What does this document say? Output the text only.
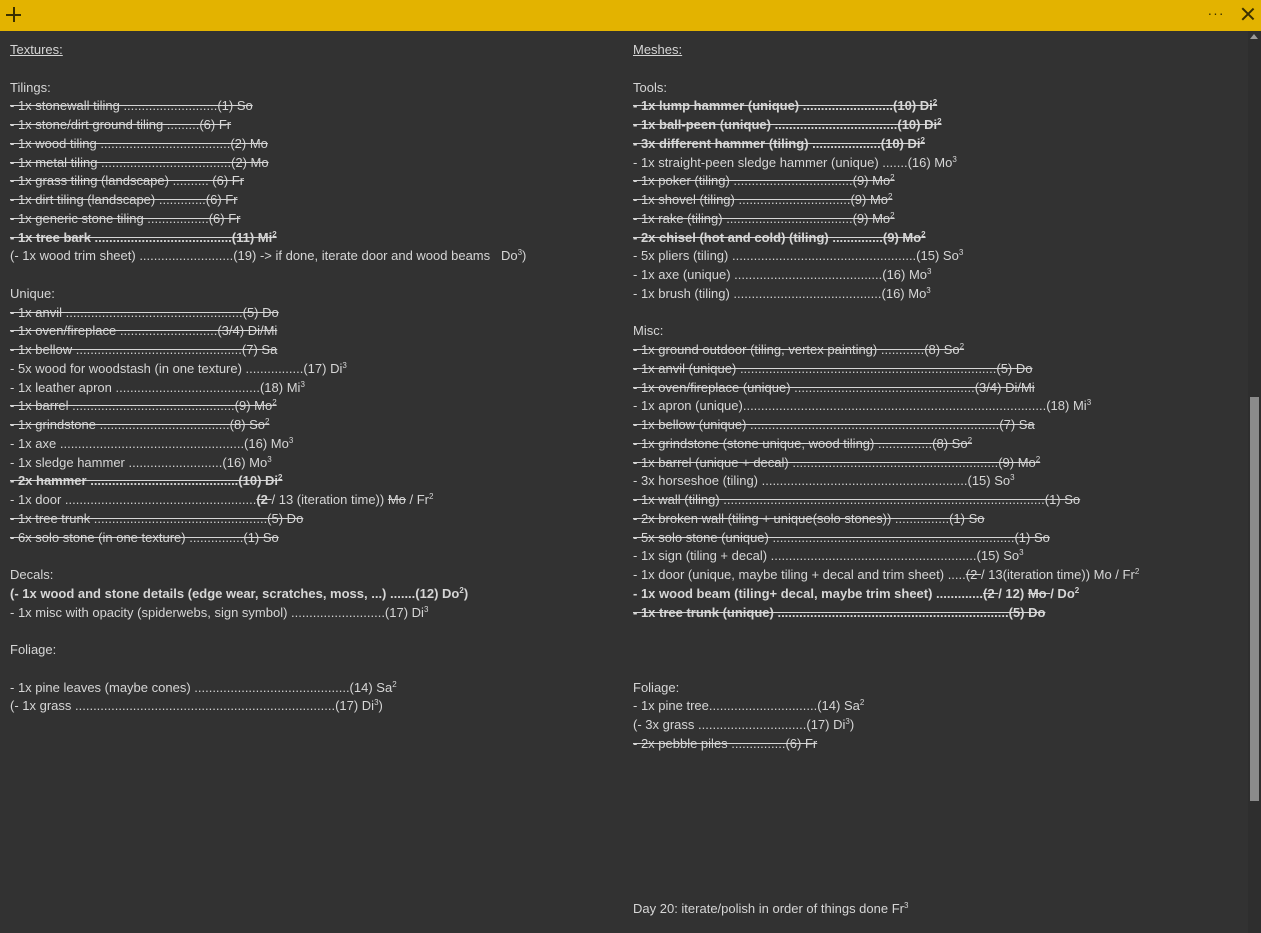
···
Textures:
Tilings:
- 1x stonewall tiling ..........................(1) So
- 1x stone/dirt ground tiling .........(6) Fr
- 1x wood tiling ....................................(2) Mo
- 1x metal tiling ....................................(2) Mo
- 1x grass tiling (landscape) .......... (6) Fr
- 1x dirt tiling (landscape) .............(6) Fr
- 1x generic stone tiling .................(6) Fr
- 1x tree bark ......................................(11) Mi$^2$
(- 1x wood trim sheet) ..........................(19) -> if done, iterate door and wood beams   Do$^3$)
Unique:
- 1x anvil .................................................(5) Do
- 1x oven/fireplace ...........................(3/4) Di/Mi
- 1x bellow ..............................................(7) Sa
- 5x wood for woodstash (in one texture) ................(17) Di$^3$
- 1x leather apron ........................................(18) Mi$^3$
- 1x barrel .............................................(9) Mo$^2$
- 1x grindstone ....................................(8) So$^2$
- 1x axe ...................................................(16) Mo$^3$
- 1x sledge hammer ..........................(16) Mo$^3$
- 2x hammer .........................................(10) Di$^2$
- 1x door .....................................................(2 / 13 (iteration time)) Mo / Fr$^2$
- 1x tree trunk ................................................(5) Do
- 6x solo stone (in one texture) ...............(1) So
Decals:
(- 1x wood and stone details (edge wear, scratches, moss, ...) .......(12) Do$^2$)
- 1x misc with opacity (spiderwebs, sign symbol) ..........................(17) Di$^3$
Foliage:
- 1x pine leaves (maybe cones) ...........................................(14) Sa$^2$
(- 1x grass ........................................................................(17) Di$^3$)
Meshes:
Tools:
- 1x lump hammer (unique) .........................(10) Di$^2$
- 1x ball-peen (unique) ..................................(10) Di$^2$
- 3x different hammer (tiling) ...................(10) Di$^2$
- 1x straight-peen sledge hammer (unique) .......(16) Mo$^3$
- 1x poker (tiling) .................................(9) Mo$^2$
- 1x shovel (tiling) ...............................(9) Mo$^2$
- 1x rake (tiling) ...................................(9) Mo$^2$
- 2x chisel (hot and cold) (tiling) ..............(9) Mo$^2$
- 5x pliers (tiling) ...................................................(15) So$^3$
- 1x axe (unique) .........................................(16) Mo$^3$
- 1x brush (tiling) .........................................(16) Mo$^3$
Misc:
- 1x ground outdoor (tiling, vertex painting) ............(8) So$^2$
- 1x anvil (unique) .......................................................................(5) Do
- 1x oven/fireplace (unique) ..................................................(3/4) Di/Mi
- 1x apron (unique)....................................................................................(18) Mi$^3$
- 1x bellow (unique) .....................................................................(7) Sa
- 1x grindstone (stone unique, wood tiling) ...............(8) So$^2$
- 1x barrel (unique + decal) .........................................................(9) Mo$^2$
- 3x horseshoe (tiling) .........................................................(15) So$^3$
- 1x wall (tiling) .........................................................................................(1) So
- 2x broken wall (tiling + unique(solo stones)) ...............(1) So
- 5x solo stone (unique) ...................................................................(1) So
- 1x sign (tiling + decal) .........................................................(15) So$^3$
- 1x door (unique, maybe tiling + decal and trim sheet) .....(2 / 13(iteration time)) Mo / Fr$^2$
- 1x wood beam (tiling+ decal, maybe trim sheet) .............(2 / 12) Mo / Do$^2$
- 1x tree trunk (unique) ................................................................(5) Do
Foliage:
- 1x pine tree..............................(14) Sa$^2$
(- 3x grass ..............................(17) Di$^3$)
- 2x pebble piles ...............(6) Fr
Day 20: iterate/polish in order of things done Fr$^3$
